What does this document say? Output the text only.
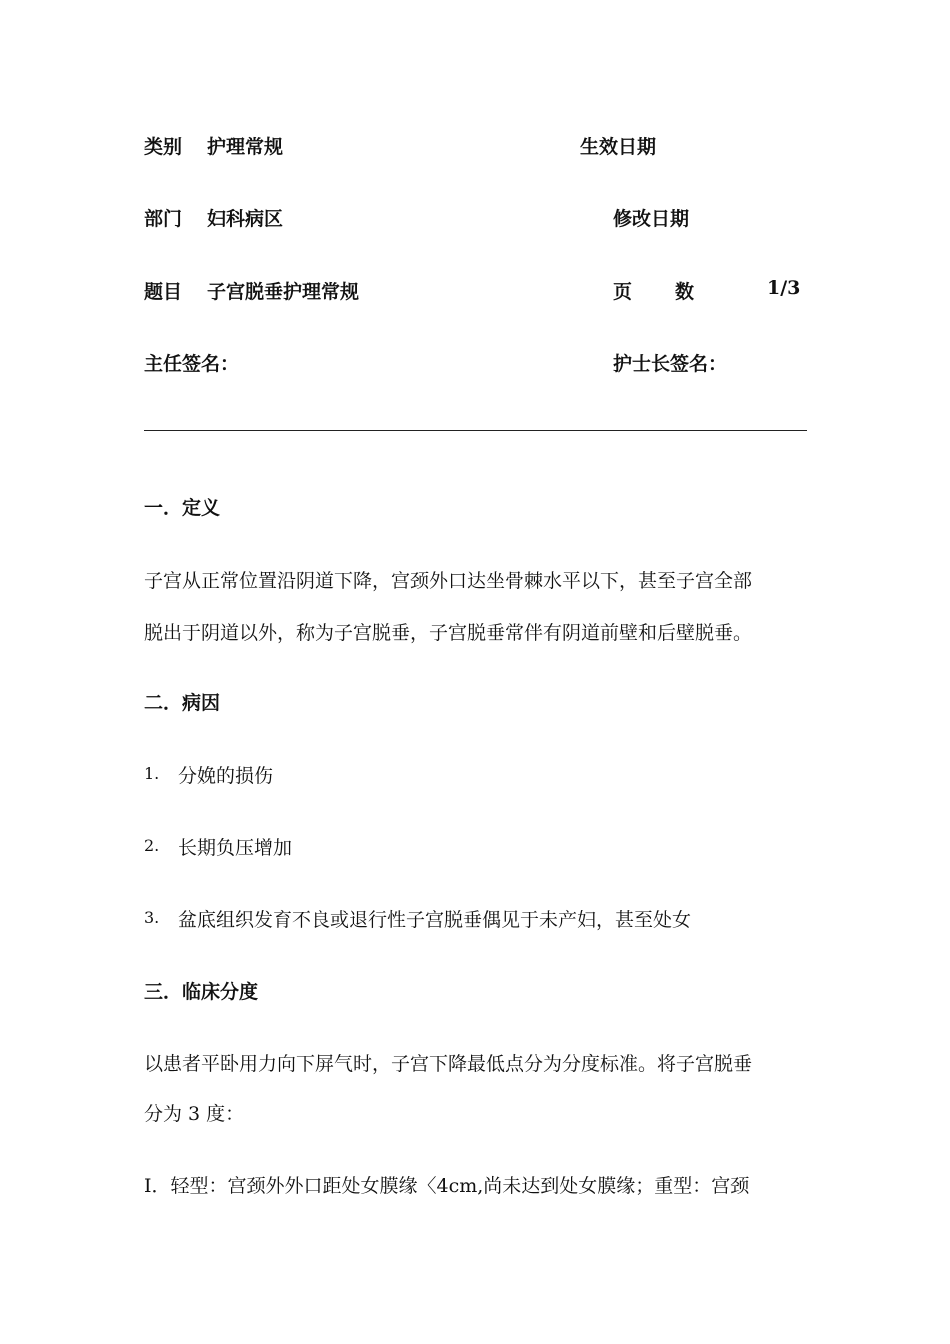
类别 护理常规	生效日期
部门 妇科病区	修改日期
题目 子宫脱垂护理常规	页 数	1/3
主任签名：	护士长签名：
一．定义
子宫从正常位置沿阴道下降，宫颈外口达坐骨棘水平以下，甚至子宫全部
脱出于阴道以外，称为子宫脱垂，子宫脱垂常伴有阴道前壁和后壁脱垂。
二．病因
1. 分娩的损伤
2. 长期负压增加
3. 盆底组织发育不良或退行性子宫脱垂偶见于未产妇，甚至处女
三．临床分度
以患者平卧用力向下屏气时，子宫下降最低点分为分度标准。将子宫脱垂
分为 3 度：
I．轻型：宫颈外外口距处女膜缘〈4cm,尚未达到处女膜缘；重型：宫颈
